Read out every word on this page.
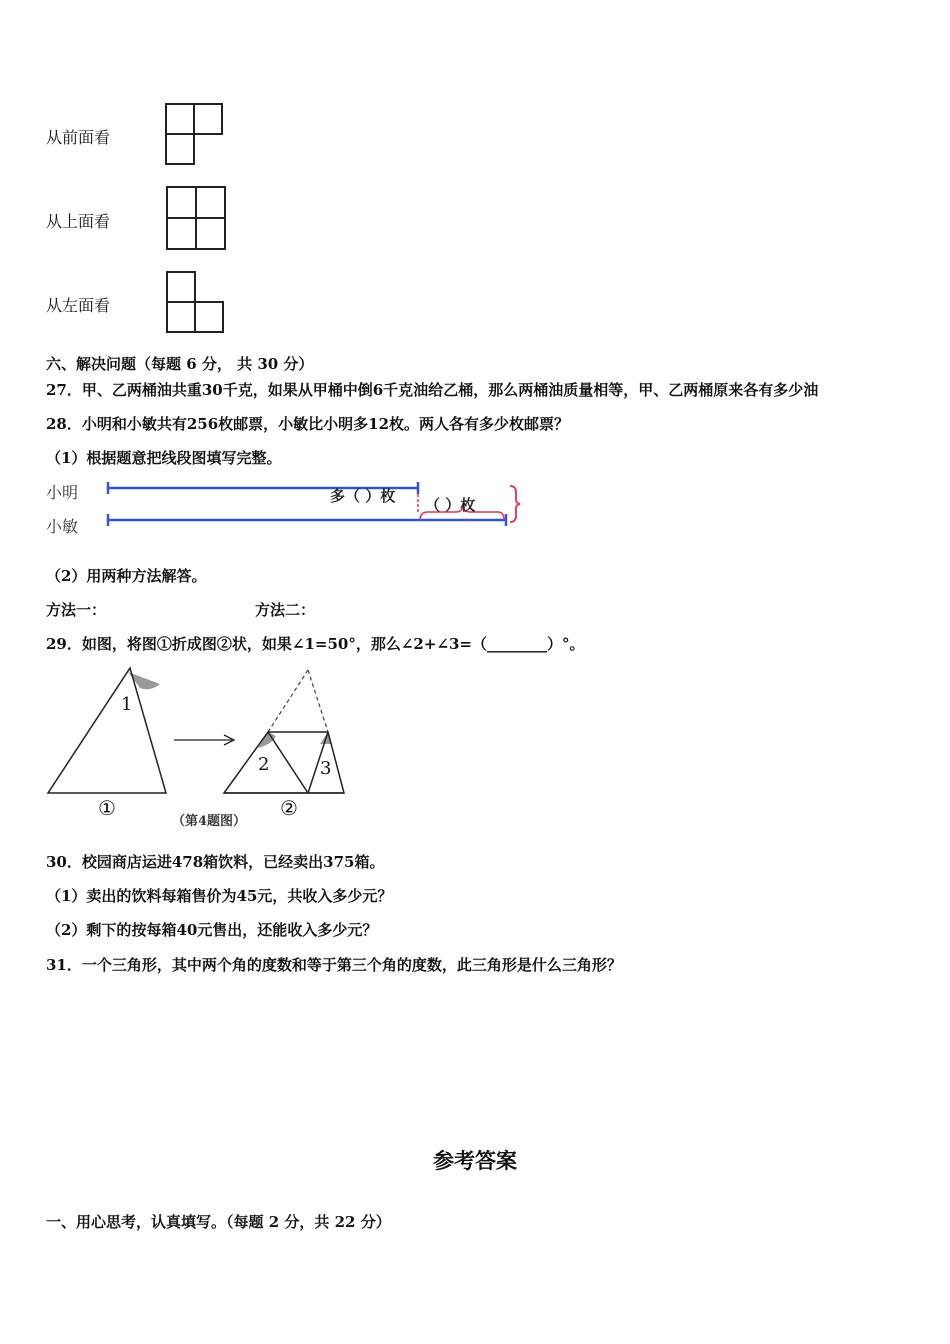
从前面看
从上面看
从左面看
六、解决问题（每题 6 分， 共 30 分）
27．甲、乙两桶油共重30千克，如果从甲桶中倒6千克油给乙桶，那么两桶油质量相等，甲、乙两桶原来各有多少油
28．小明和小敏共有256枚邮票，小敏比小明多12枚。两人各有多少枚邮票？
（1）根据题意把线段图填写完整。
小明
小敏
多（ ）枚 （ ）枚
（2）用两种方法解答。
方法一：	方法二：
29．如图，将图①折成图②状，如果∠1=50°，那么∠2+∠3=（________）°。
1
2	3
①	②
（第4题图）
30．校园商店运进478箱饮料，已经卖出375箱。
（1）卖出的饮料每箱售价为45元，共收入多少元？
（2）剩下的按每箱40元售出，还能收入多少元？
31．一个三角形，其中两个角的度数和等于第三个角的度数，此三角形是什么三角形？
参考答案
一、用心思考，认真填写。（每题 2 分，共 22 分）
